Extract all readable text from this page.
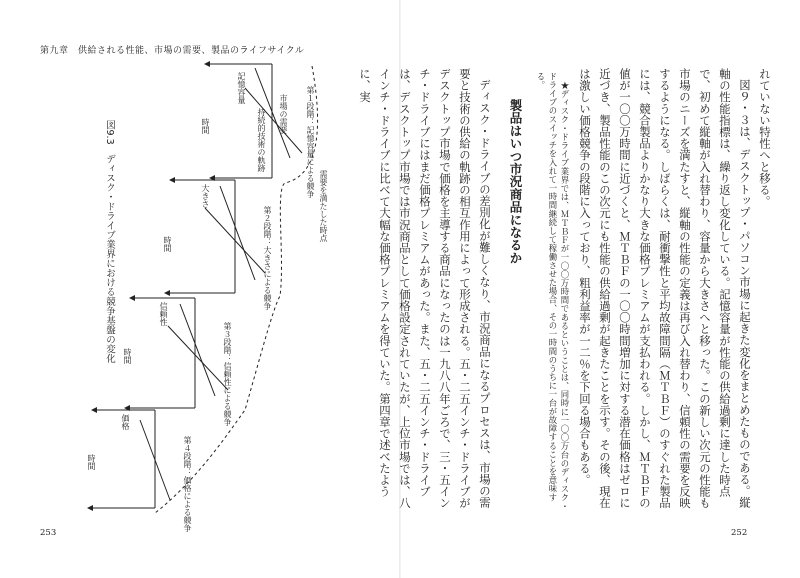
第九章　供給される性能、市場の需要、製品のライフサイクル
253	252
図9.3　ディスク・ドライブ業界における競争基盤の変化	第１段階：記憶容量による競争
第２段階：大きさによる競争
第３段階：信頼性による競争
第４段階：価格による競争
記憶容量
大きさ
信頼性
価格
時間
時間
時間
時間
市場の需要
持続的技術の軌跡
需要を満たした時点	れていない特性へと移る。

図９・３は、デスクトップ・パソコン市場に起きた変化をまとめたものである。縦軸の性能指標は、繰り返し変化している。記憶容量が性能の供給過剰に達した時点で、初めて縦軸が入れ替わり、容量から大きさへと移った。この新しい次元の性能も市場のニーズを満たすと、縦軸の性能の定義は再び入れ替わり、信頼性の需要を反映するようになる。しばらくは、耐衝撃性と平均故障間隔（ＭＴＢＦ）のすぐれた製品には、競合製品よりかなり大きな価格プレミアムが支払われる。しかし、ＭＴＢＦの値が一〇〇万時間に近づくと、ＭＴＢＦの一〇〇時間増加に対する潜在価格はゼロに近づき、製品性能のこの次元にも性能の供給過剰が起きたことを示す。その後、現在は激しい価格競争の段階に入っており、粗利益率が一二％を下回る場合もある。

★ディスク・ドライブ業界では、ＭＴＢＦが一〇〇万時間であるということは、同時に一〇〇万台のディスク・ドライブのスイッチを入れて一時間継続して稼働させた場合、その一時間のうちに一台が故障することを意味する。

製品はいつ市況商品になるか

ディスク・ドライブの差別化が難しくなり、市況商品になるプロセスは、市場の需要と技術の供給の軌跡の相互作用によって形成される。五・二五インチ・ドライブがデスクトップ市場で価格を主導する商品になったのは一九八八年ごろで、三・五インチ・ドライブにはまだ価格プレミアムがあった。また、五・二五インチ・ドライブは、デスクトップ市場では市況商品として価格設定されていたが、上位市場では、八インチ・ドライブに比べて大幅な価格プレミアムを得ていた。第四章で述べたように、実
